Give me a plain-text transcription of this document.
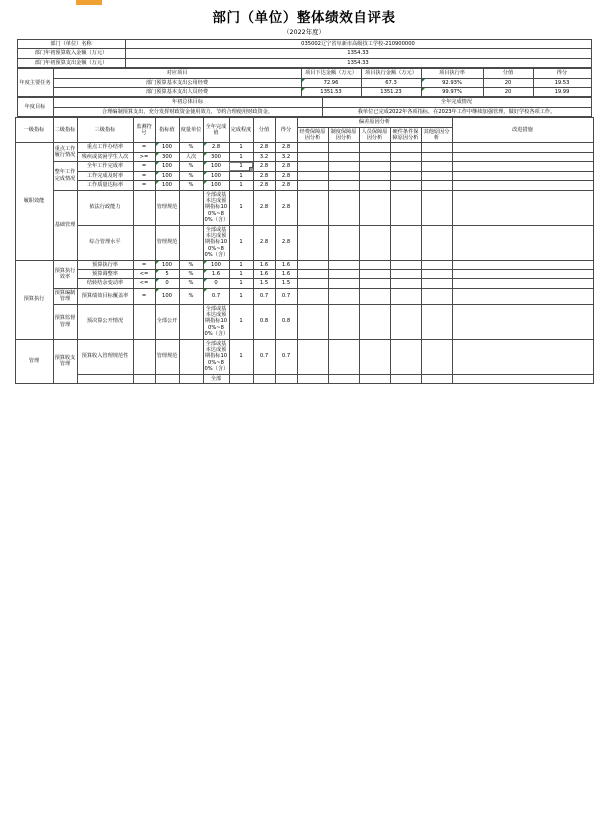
部门（单位）整体绩效自评表
（2022年度）
部门（单位）名称	035002辽宁省阜新市高级技工学校-210900000
部门年初预算收入金额（万元）	1354.33
部门年初预算支出金额（万元）	1354.33
年度主要任务	对应项目	项目下达金额（万元）	项目执行金额（万元）	项目执行率	分值	得分
	部门预算基本支出公用经费	72.96	67.3	92.93%	20	19.53
	部门预算基本支出人员经费	1351.53	1351.23	99.97%	20	19.99
年度目标	年初总体目标	全年完成情况
	合理编制预算支出，充分发挥财政资金使用效力，节约合理使用财政资金。	我单位已完成2022年各项指标，在2023年工作中继续加强管理，做好学校各项工作。
一级指标	二级指标	三级指标	监测符号	指标值	度量单位	全年完成值	完成程度	分值	得分	偏差原因分析					改进措施
										经费保障原因分析	制度保障原因分析	人员保障原因分析	硬件条件保障原因分析	其他原因分析	
履职效能	重点工作履行情况	重点工作办结率	=	100	%	2.8	1	2.8	2.8						
		残疾或贫困学生人次	>=	300	人次	300	1	3.2	3.2						
	整年工作完成情况	全年工作完成率	=	100	%	100	1	2.8	2.8						
		工作完成及时率	=	100	%	100	1	2.8	2.8						
		工作质量达标率	=	100	%	100	1	2.8	2.8						
	基础管理	依法行政能力		管理规范		全部或基本达成预期指标100%~80%（含）	1	2.8	2.8						
		综合管理水平		管理规范		全部或基本达成预期指标100%~80%（含）	1	2.8	2.8						
预算执行	预算执行效率	预算执行率	=	100	%	100	1	1.6	1.6						
		预算调整率	<=	5	%	1.6	1	1.6	1.6						
		结转结余变动率	<=	0	%	0	1	1.5	1.5						
	预算编制管理	预算绩效目标覆盖率	=	100	%	0.7	1	0.7	0.7						
	预算监督管理	预决算公开情况		全部公开		全部或基本达成预期指标100%~80%（含）	1	0.8	0.8						
管理	预算收支管理	预算收入管理规范性		管理规范		全部或基本达成预期指标100%~80%（含）	1	0.7	0.7						
						全部									
